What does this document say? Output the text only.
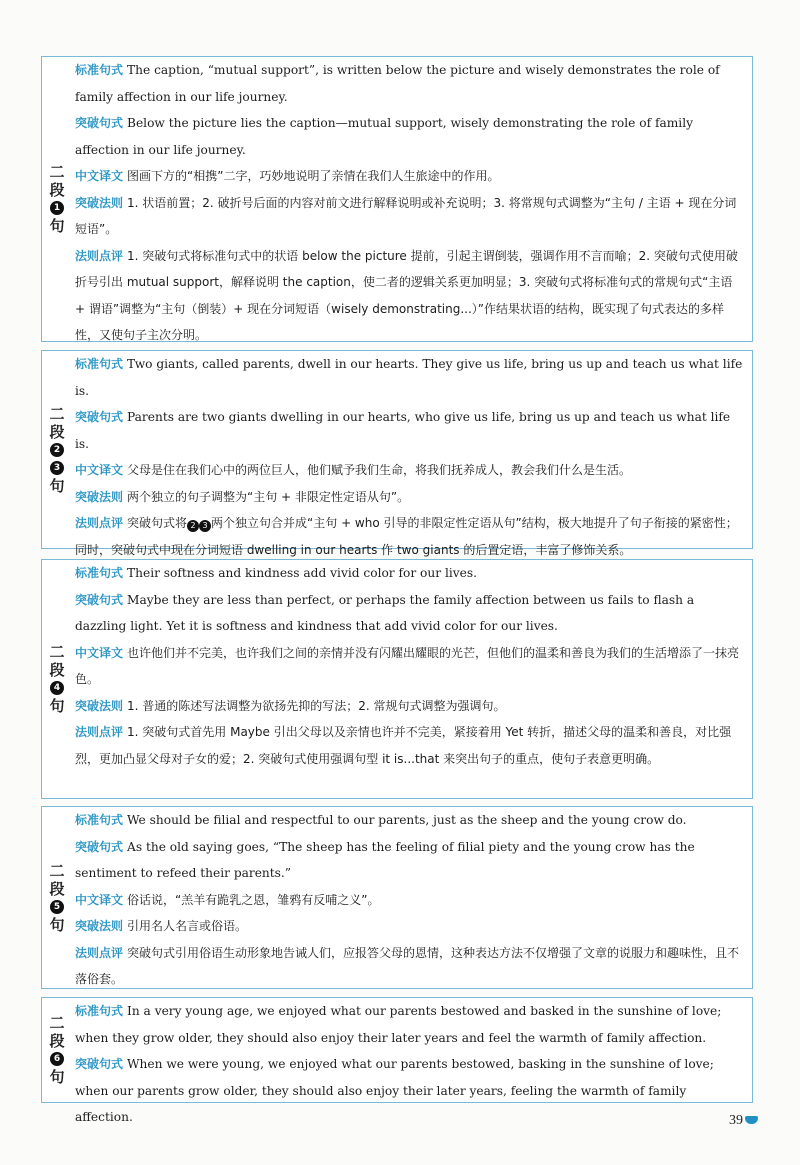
二
段
1
句

标准句式 The caption, “mutual support”, is written below the picture and wisely demonstrates the role of family affection in our life journey.

突破句式 Below the picture lies the caption—mutual support, wisely demonstrating the role of family affection in our life journey.

中文译文 图画下方的“相携”二字，巧妙地说明了亲情在我们人生旅途中的作用。

突破法则 1. 状语前置；2. 破折号后面的内容对前文进行解释说明或补充说明；3. 将常规句式调整为“主句 / 主语 + 现在分词短语”。

法则点评 1. 突破句式将标准句式中的状语 below the picture 提前，引起主谓倒装，强调作用不言而喻；2. 突破句式使用破折号引出 mutual support，解释说明 the caption，使二者的逻辑关系更加明显；3. 突破句式将标准句式的常规句式“主语 + 谓语”调整为“主句（倒装）+ 现在分词短语（wisely demonstrating...）”作结果状语的结构，既实现了句式表达的多样性，又使句子主次分明。

二
段
2
3
句

标准句式 Two giants, called parents, dwell in our hearts. They give us life, bring us up and teach us what life is.

突破句式 Parents are two giants dwelling in our hearts, who give us life, bring us up and teach us what life is.

中文译文 父母是住在我们心中的两位巨人，他们赋予我们生命，将我们抚养成人，教会我们什么是生活。

突破法则 两个独立的句子调整为“主句 + 非限定性定语从句”。

法则点评 突破句式将 2 3 两个独立句合并成“主句 + who 引导的非限定性定语从句”结构，极大地提升了句子衔接的紧密性；同时，突破句式中现在分词短语 dwelling in our hearts 作 two giants 的后置定语，丰富了修饰关系。

二
段
4
句

标准句式 Their softness and kindness add vivid color for our lives.

突破句式 Maybe they are less than perfect, or perhaps the family affection between us fails to flash a dazzling light. Yet it is softness and kindness that add vivid color for our lives.

中文译文 也许他们并不完美，也许我们之间的亲情并没有闪耀出耀眼的光芒，但他们的温柔和善良为我们的生活增添了一抹亮色。

突破法则 1. 普通的陈述写法调整为欲扬先抑的写法；2. 常规句式调整为强调句。

法则点评 1. 突破句式首先用 Maybe 引出父母以及亲情也许并不完美，紧接着用 Yet 转折，描述父母的温柔和善良，对比强烈，更加凸显父母对子女的爱；2. 突破句式使用强调句型 it is...that 来突出句子的重点，使句子表意更明确。

二
段
5
句

标准句式 We should be filial and respectful to our parents, just as the sheep and the young crow do.

突破句式 As the old saying goes, “The sheep has the feeling of filial piety and the young crow has the sentiment to refeed their parents.”

中文译文 俗话说，“羔羊有跪乳之恩，雏鸦有反哺之义”。

突破法则 引用名人名言或俗语。

法则点评 突破句式引用俗语生动形象地告诫人们，应报答父母的恩情，这种表达方法不仅增强了文章的说服力和趣味性，且不落俗套。

二
段
6
句

标准句式 In a very young age, we enjoyed what our parents bestowed and basked in the sunshine of love; when they grow older, they should also enjoy their later years and feel the warmth of family affection.

突破句式 When we were young, we enjoyed what our parents bestowed, basking in the sunshine of love; when our parents grow older, they should also enjoy their later years, feeling the warmth of family affection.	39
